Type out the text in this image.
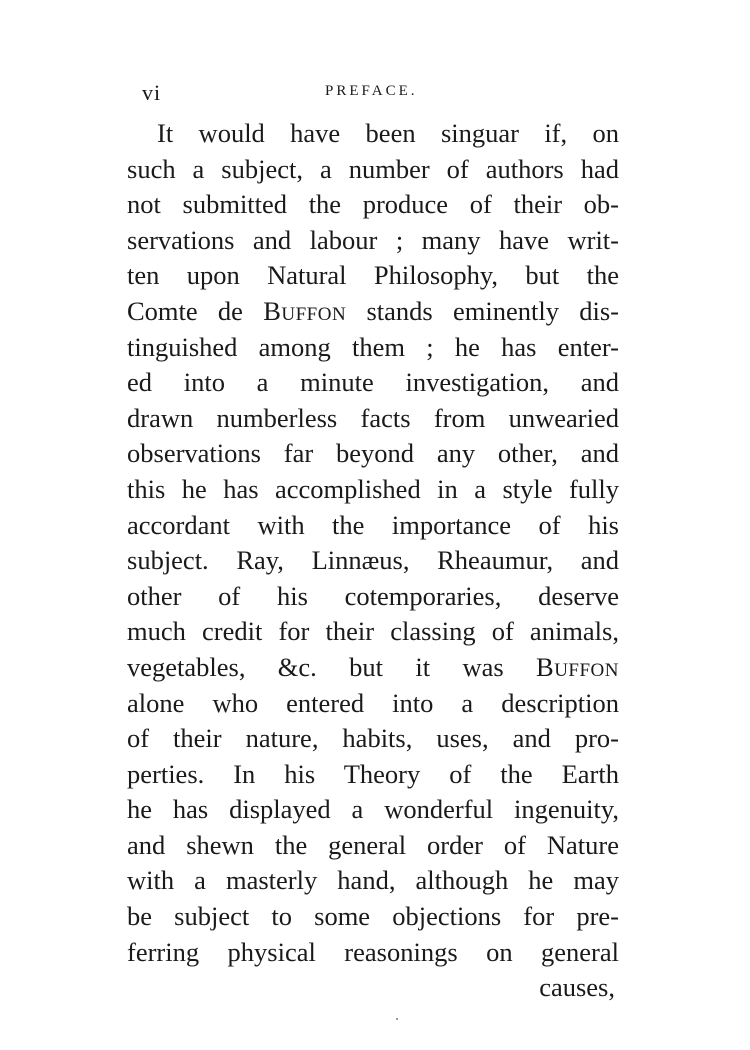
vi	PREFACE.
It would have been singuar if, on
such a subject, a number of authors had
not submitted the produce of their ob-
servations and labour ; many have writ-
ten upon Natural Philosophy, but the
Comte de Buffon stands eminently dis-
tinguished among them ; he has enter-
ed into a minute investigation, and
drawn numberless facts from unwearied
observations far beyond any other, and
this he has accomplished in a style fully
accordant with the importance of his
subject. Ray, Linnæus, Rheaumur, and
other of his cotemporaries, deserve
much credit for their classing of animals,
vegetables, &c. but it was Buffon
alone who entered into a description
of their nature, habits, uses, and pro-
perties. In his Theory of the Earth
he has displayed a wonderful ingenuity,
and shewn the general order of Nature
with a masterly hand, although he may
be subject to some objections for pre-
ferring physical reasonings on general
causes,
